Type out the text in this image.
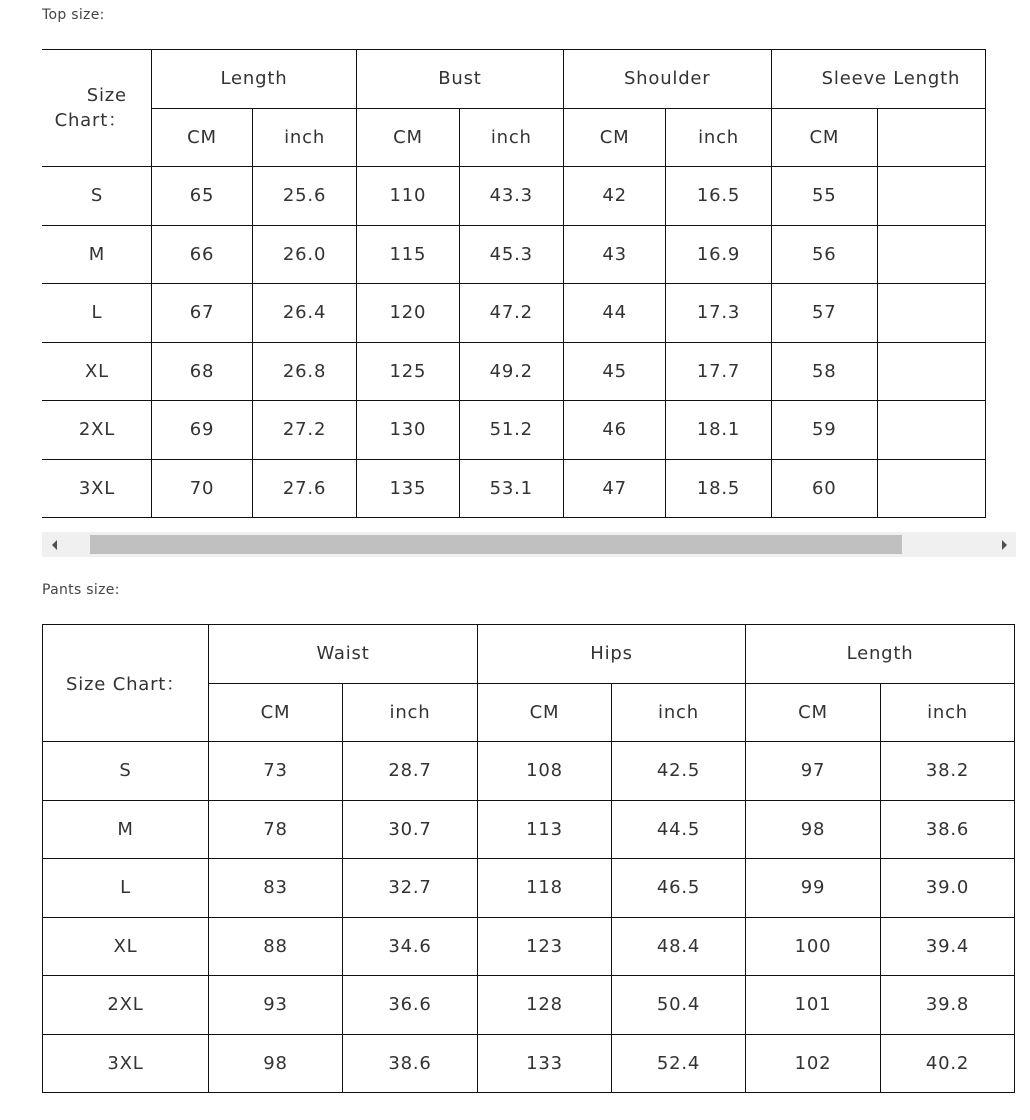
Top size:
Size Chart：	Length		Bust		Shoulder		Sleeve Length	
	CM	inch	CM	inch	CM	inch	CM	
S	65	25.6	110	43.3	42	16.5	55	
M	66	26.0	115	45.3	43	16.9	56	
L	67	26.4	120	47.2	44	17.3	57	
XL	68	26.8	125	49.2	45	17.7	58	
2XL	69	27.2	130	51.2	46	18.1	59	
3XL	70	27.6	135	53.1	47	18.5	60	
Pants size:
Size Chart：	Waist		Hips		Length	
	CM	inch	CM	inch	CM	inch
S	73	28.7	108	42.5	97	38.2
M	78	30.7	113	44.5	98	38.6
L	83	32.7	118	46.5	99	39.0
XL	88	34.6	123	48.4	100	39.4
2XL	93	36.6	128	50.4	101	39.8
3XL	98	38.6	133	52.4	102	40.2
